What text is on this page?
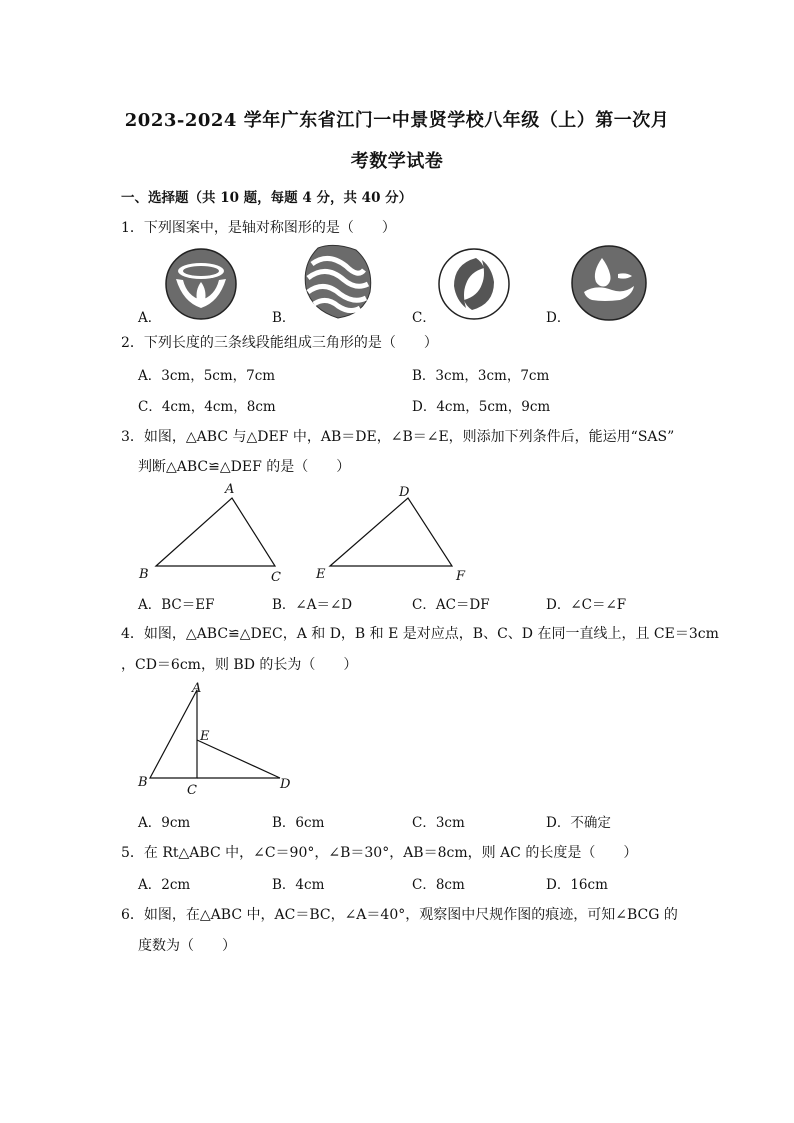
2023-2024 学年广东省江门一中景贤学校八年级（上）第一次月
考数学试卷
一、选择题（共 10 题，每题 4 分，共 40 分）
1．下列图案中，是轴对称图形的是（　　）
A．	B．	C．	D．
2．下列长度的三条线段能组成三角形的是（　　）
A．3cm，5cm，7cm	B．3cm，3cm，7cm
C．4cm，4cm，8cm	D．4cm，5cm，9cm
3．如图，△ABC 与△DEF 中，AB＝DE，∠B＝∠E，则添加下列条件后，能运用“SAS”
判断△ABC≌△DEF 的是（　　）
A
B	C
D
E	F
A．BC＝EF	B．∠A＝∠D	C．AC＝DF	D．∠C＝∠F
4．如图，△ABC≌△DEC，A 和 D，B 和 E 是对应点，B、C、D 在同一直线上，且 CE＝3cm
，CD＝6cm，则 BD 的长为（　　）
A
E
B
C	D
A．9cm	B．6cm	C．3cm	D．不确定
5．在 Rt△ABC 中，∠C＝90°，∠B＝30°，AB＝8cm，则 AC 的长度是（　　）
A．2cm	B．4cm	C．8cm	D．16cm
6．如图，在△ABC 中，AC＝BC，∠A＝40°，观察图中尺规作图的痕迹，可知∠BCG 的
度数为（　　）
